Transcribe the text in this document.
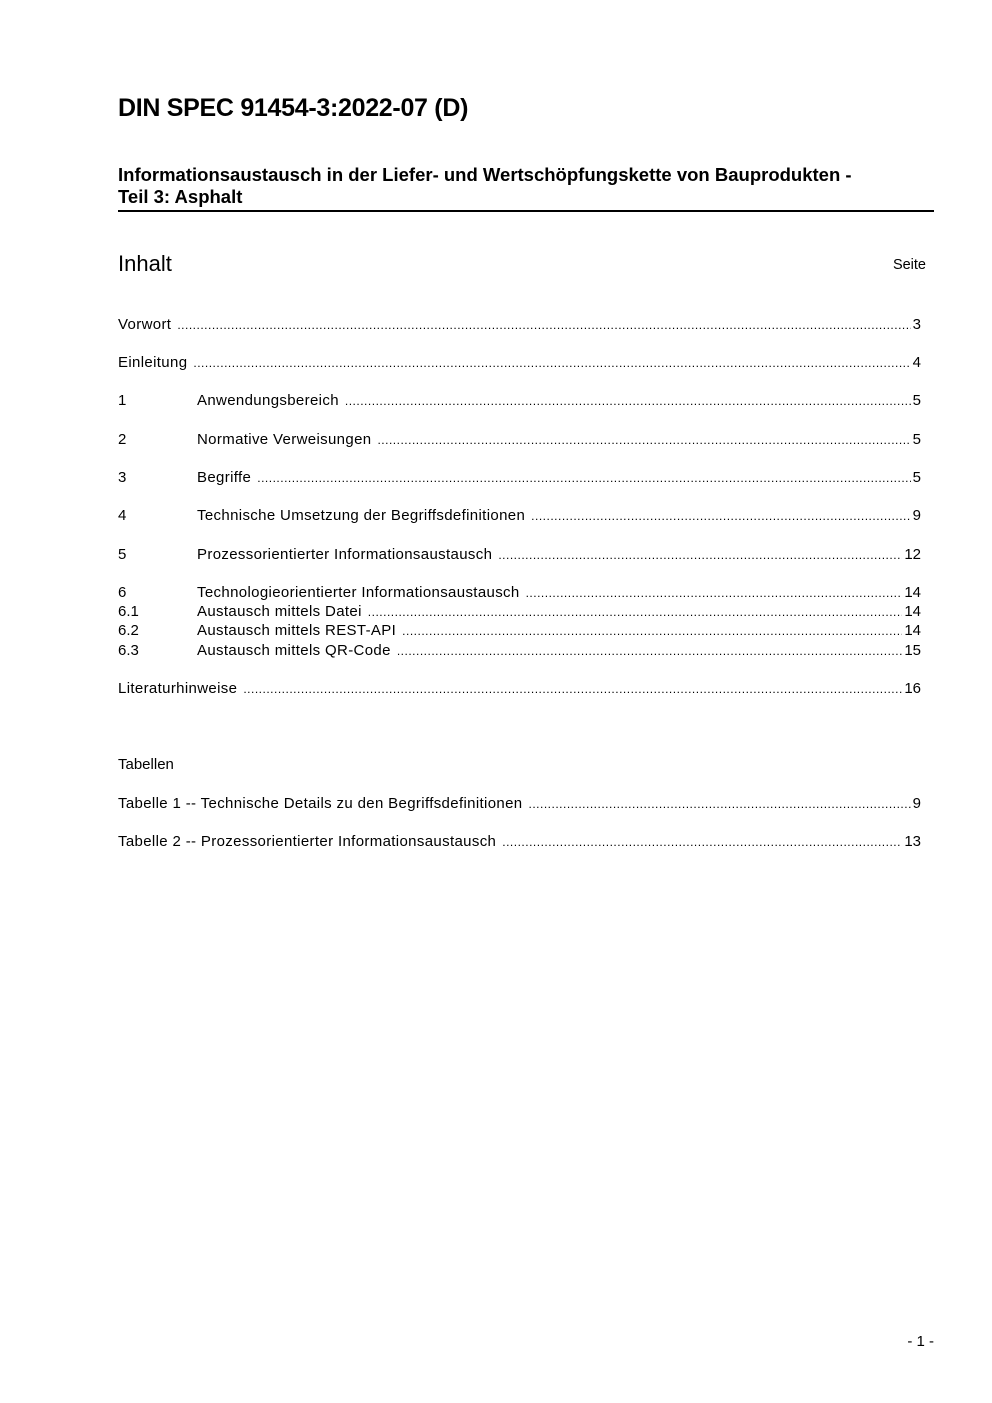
DIN SPEC 91454-3:2022-07 (D)
Informationsaustausch in der Liefer- und Wertschöpfungskette von Bauprodukten -
Teil 3: Asphalt
Inhalt	Seite
Vorwort .....	3
Einleitung .....	4
1	Anwendungsbereich .....	5
2	Normative Verweisungen .....	5
3	Begriffe .....	5
4	Technische Umsetzung der Begriffsdefinitionen .....	9
5	Prozessorientierter Informationsaustausch .....	12
6	Technologieorientierter Informationsaustausch .....	14
6.1	Austausch mittels Datei .....	14
6.2	Austausch mittels REST-API .....	14
6.3	Austausch mittels QR-Code .....	15
Literaturhinweise .....	16
Tabelle 1 -- Technische Details zu den Begriffsdefinitionen .....	9
Tabelle 2 -- Prozessorientierter Informationsaustausch .....	13
Tabellen
- 1 -
